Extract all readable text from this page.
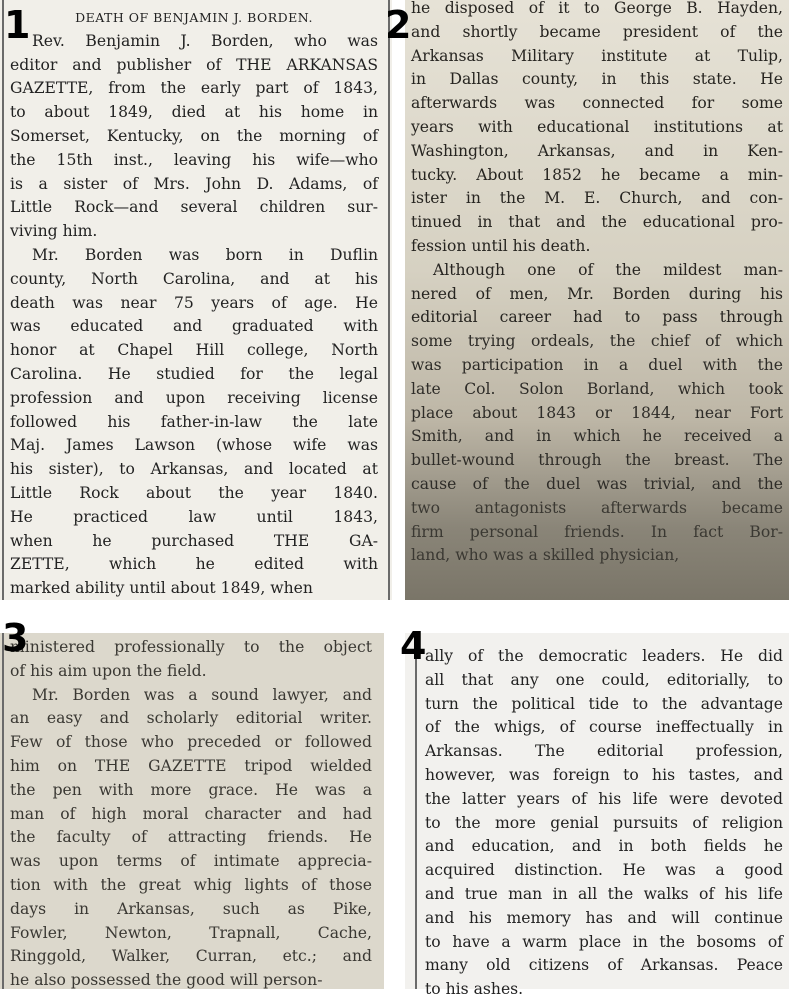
1	DEATH OF BENJAMIN J. BORDEN.
Rev. Benjamin J. Borden, who was
editor and publisher of THE ARKANSAS
GAZETTE, from the early part of 1843,
to about 1849, died at his home in
Somerset, Kentucky, on the morning of
the 15th inst., leaving his wife—who
is a sister of Mrs. John D. Adams, of
Little Rock—and several children sur-
viving him.
Mr. Borden was born in Duflin
county, North Carolina, and at his
death was near 75 years of age. He
was educated and graduated with
honor at Chapel Hill college, North
Carolina. He studied for the legal
profession and upon receiving license
followed his father-in-law the late
Maj. James Lawson (whose wife was
his sister), to Arkansas, and located at
Little Rock about the year 1840.
He practiced law until 1843,
when he purchased THE GA-
ZETTE, which he edited with
marked ability until about 1849, when
he disposed of it to George B. Hayden,
and shortly became president of the
Arkansas Military institute at Tulip,
in Dallas county, in this state. He
afterwards was connected for some
years with educational institutions at
Washington, Arkansas, and in Ken-
tucky. About 1852 he became a min-
ister in the M. E. Church, and con-
tinued in that and the educational pro-
fession until his death.
Although one of the mildest man-
nered of men, Mr. Borden during his
editorial career had to pass through
some trying ordeals, the chief of which
was participation in a duel with the
late Col. Solon Borland, which took
place about 1843 or 1844, near Fort
Smith, and in which he received a
bullet-wound through the breast. The
cause of the duel was trivial, and the
two antagonists afterwards became
firm personal friends. In fact Bor-
land, who was a skilled physician,
2
ministered professionally to the object
of his aim upon the field.
Mr. Borden was a sound lawyer, and
an easy and scholarly editorial writer.
Few of those who preceded or followed
him on THE GAZETTE tripod wielded
the pen with more grace. He was a
man of high moral character and had
the faculty of attracting friends. He
was upon terms of intimate apprecia-
tion with the great whig lights of those
days in Arkansas, such as Pike,
Fowler, Newton, Trapnall, Cache,
Ringgold, Walker, Curran, etc.; and
he also possessed the good will person-
3	ally of the democratic leaders. He did
all that any one could, editorially, to
turn the political tide to the advantage
of the whigs, of course ineffectually in
Arkansas. The editorial profession,
however, was foreign to his tastes, and
the latter years of his life were devoted
to the more genial pursuits of religion
and education, and in both fields he
acquired distinction. He was a good
and true man in all the walks of his life
and his memory has and will continue
to have a warm place in the bosoms of
many old citizens of Arkansas. Peace
to his ashes.
4
